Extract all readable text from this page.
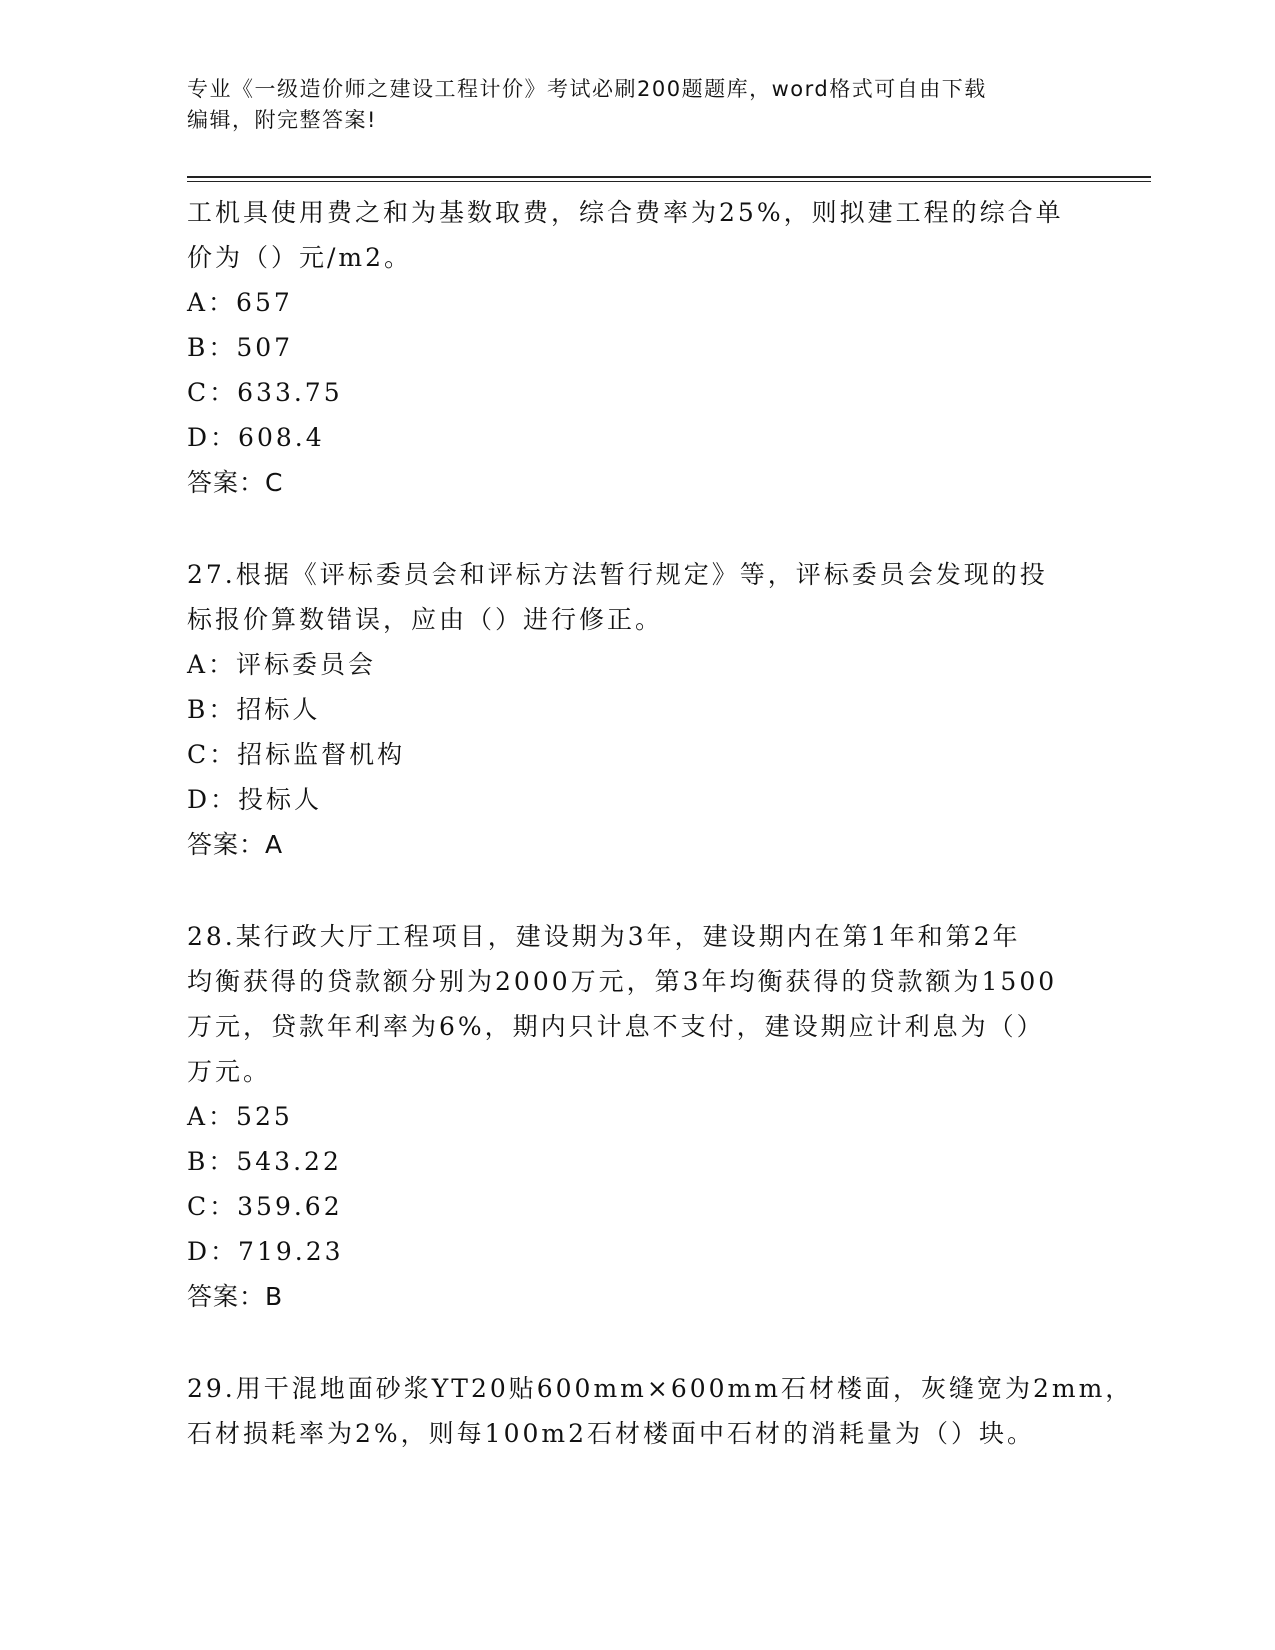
专业《一级造价师之建设工程计价》考试必刷200题题库，word格式可自由下载
编辑，附完整答案!
工机具使用费之和为基数取费，综合费率为25%，则拟建工程的综合单
价为（）元/m2。
A：657
B：507
C：633.75
D：608.4
答案：C
27.根据《评标委员会和评标方法暂行规定》等，评标委员会发现的投
标报价算数错误，应由（）进行修正。
A：评标委员会
B：招标人
C：招标监督机构
D：投标人
答案：A
28.某行政大厅工程项目，建设期为3年，建设期内在第1年和第2年
均衡获得的贷款额分别为2000万元，第3年均衡获得的贷款额为1500
万元，贷款年利率为6%，期内只计息不支付，建设期应计利息为（）
万元。
A：525
B：543.22
C：359.62
D：719.23
答案：B
29.用干混地面砂浆YT20贴600mm×600mm石材楼面，灰缝宽为2mm，
石材损耗率为2%，则每100m2石材楼面中石材的消耗量为（）块。
